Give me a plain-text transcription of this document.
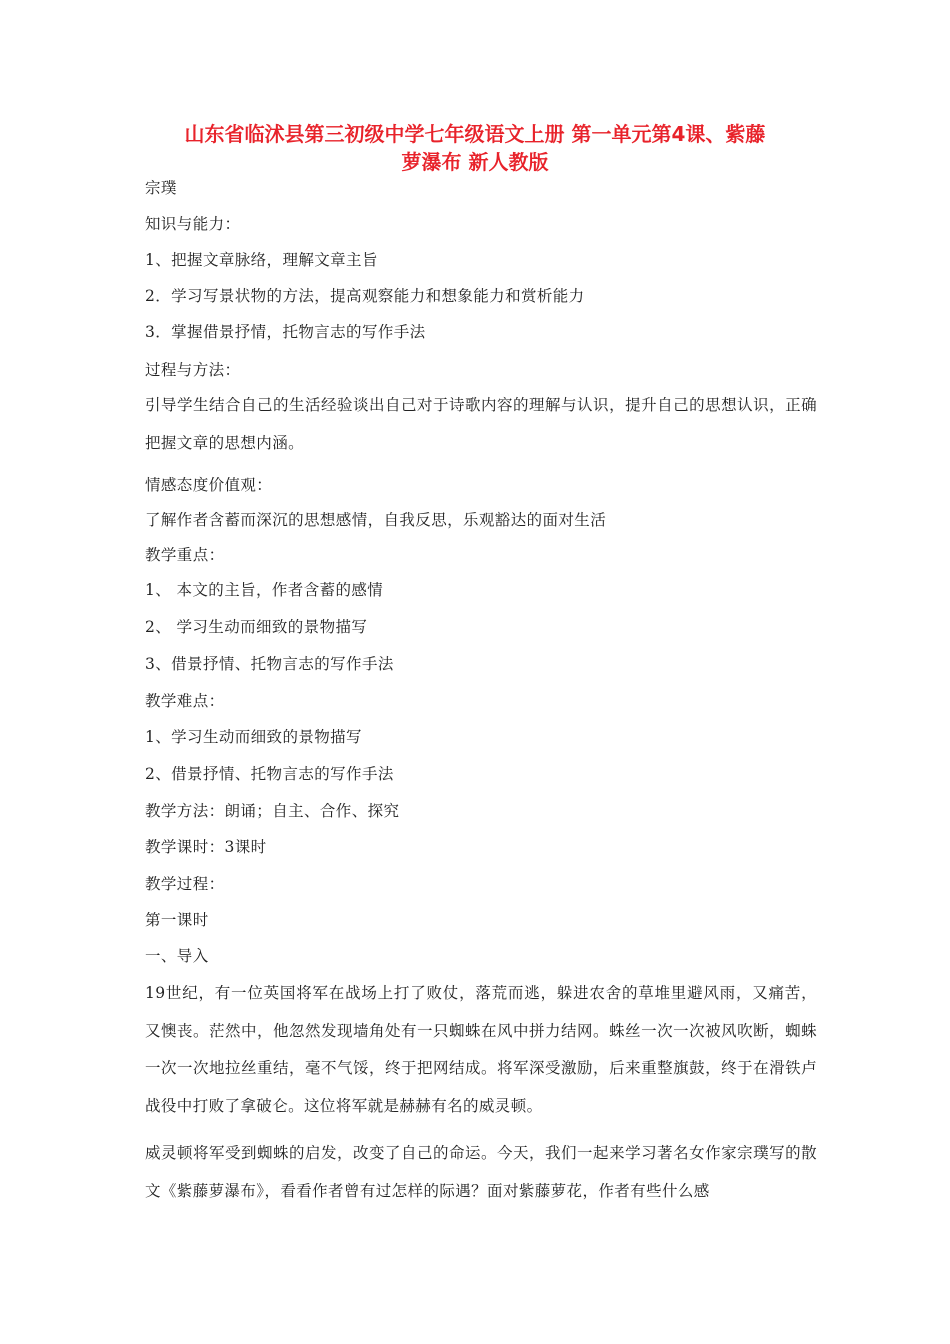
山东省临沭县第三初级中学七年级语文上册 第一单元第4课、紫藤
萝瀑布 新人教版
宗璞
知识与能力：
1、把握文章脉络，理解文章主旨
2．学习写景状物的方法，提高观察能力和想象能力和赏析能力
3．掌握借景抒情，托物言志的写作手法
过程与方法：
引导学生结合自己的生活经验谈出自己对于诗歌内容的理解与认识，提升自己的思想认识，正确把握文章的思想内涵。
情感态度价值观：
了解作者含蓄而深沉的思想感情，自我反思，乐观豁达的面对生活
教学重点：
1、 本文的主旨，作者含蓄的感情
2、 学习生动而细致的景物描写
3、借景抒情、托物言志的写作手法
教学难点：
1、学习生动而细致的景物描写
2、借景抒情、托物言志的写作手法
教学方法：朗诵；自主、合作、探究
教学课时：3课时
教学过程：
第一课时
一、导入
19世纪，有一位英国将军在战场上打了败仗，落荒而逃，躲进农舍的草堆里避风雨，又痛苦，又懊丧。茫然中，他忽然发现墙角处有一只蜘蛛在风中拼力结网。蛛丝一次一次被风吹断，蜘蛛一次一次地拉丝重结，毫不气馁，终于把网结成。将军深受激励，后来重整旗鼓，终于在滑铁卢战役中打败了拿破仑。这位将军就是赫赫有名的威灵顿。
威灵顿将军受到蜘蛛的启发，改变了自己的命运。今天，我们一起来学习著名女作家宗璞写的散文《紫藤萝瀑布》，看看作者曾有过怎样的际遇？面对紫藤萝花，作者有些什么感
